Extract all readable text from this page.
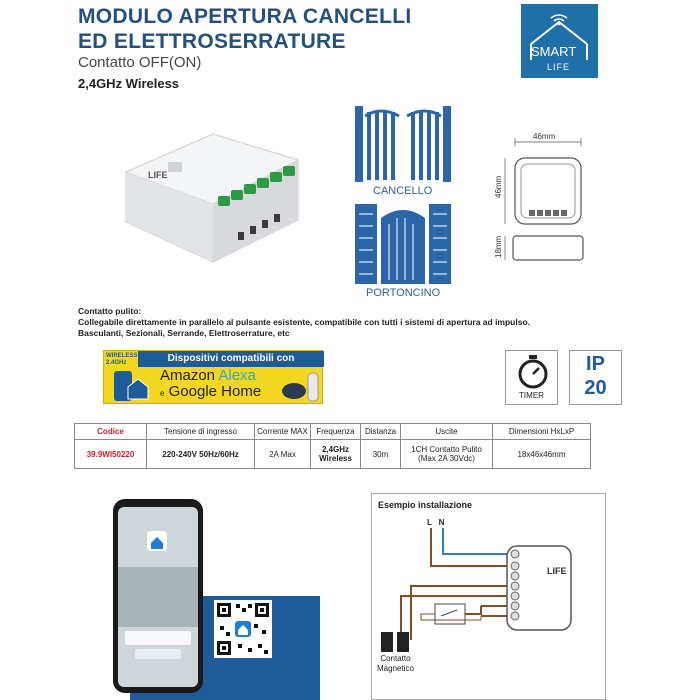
MODULO APERTURA CANCELLI
ED ELETTROSERRATURE
Contatto OFF(ON)
2,4GHz Wireless
SMART
LIFE
LIFE
CANCELLO
PORTONCINO
46mm
46mm
18mm
Contatto pulito:
Collegabile direttamente in parallelo al pulsante esistente, compatibile con tutti i sistemi di apertura ad impulso.
Basculanti, Sezionali, Serrande, Elettroserrature, etc
WIRELESS
2.4GHz	Dispositivi compatibili con
Amazon Alexa
e Google Home	TIMER
IP
20
Codice	Tensione di ingresso	Corrente MAX	Frequenza	Distanza	Uscite	Dimensioni HxLxP
39.9WI50220	220-240V 50Hz/60Hz	2A Max	2,4GHz Wireless	30m	1CH Contatto Pulito
(Max 2A 30Vdc)	18x46x46mm
Esempio installazione
L N
LIFE
Contatto
Magnetico
